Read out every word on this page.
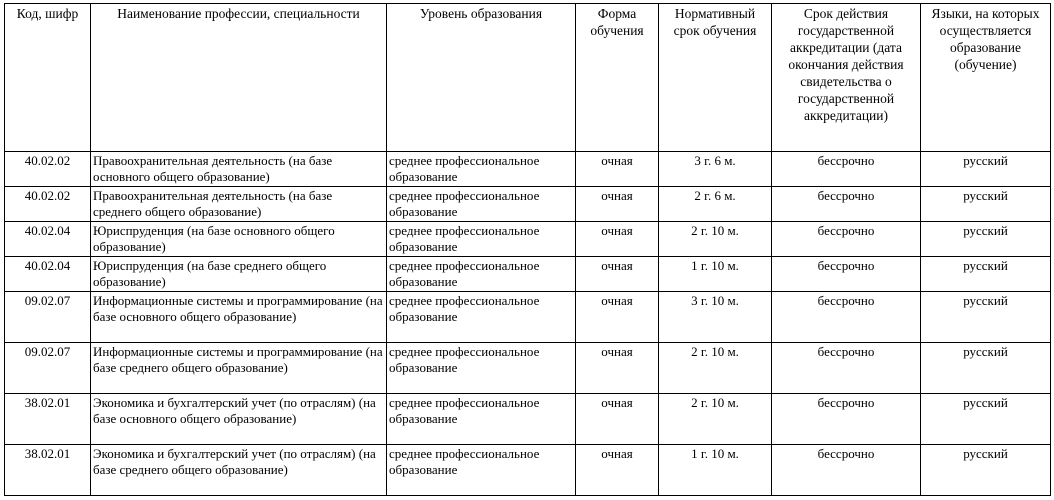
Код, шифр	Наименование профессии, специальности	Уровень образования	Форма обучения	Нормативный срок обучения	Срок действия государственной аккредитации (дата окончания действия свидетельства о государственной аккредитации)	Языки, на которых осуществляется образование (обучение)
40.02.02	Правоохранительная деятельность (на базе основного общего образование)	среднее профессиональное образование	очная	3 г. 6 м.	бессрочно	русский
40.02.02	Правоохранительная деятельность (на базе среднего общего образование)	среднее профессиональное образование	очная	2 г. 6 м.	бессрочно	русский
40.02.04	Юриспруденция (на базе основного общего образование)	среднее профессиональное образование	очная	2 г. 10 м.	бессрочно	русский
40.02.04	Юриспруденция (на базе среднего общего образование)	среднее профессиональное образование	очная	1 г. 10 м.	бессрочно	русский
09.02.07	Информационные системы и программирование (на базе основного общего образование)	среднее профессиональное образование	очная	3 г. 10 м.	бессрочно	русский
09.02.07	Информационные системы и программирование (на базе среднего общего образование)	среднее профессиональное образование	очная	2 г. 10 м.	бессрочно	русский
38.02.01	Экономика и бухгалтерский учет (по отраслям) (на базе основного общего образование)	среднее профессиональное образование	очная	2 г. 10 м.	бессрочно	русский
38.02.01	Экономика и бухгалтерский учет (по отраслям) (на базе среднего общего образование)	среднее профессиональное образование	очная	1 г. 10 м.	бессрочно	русский
